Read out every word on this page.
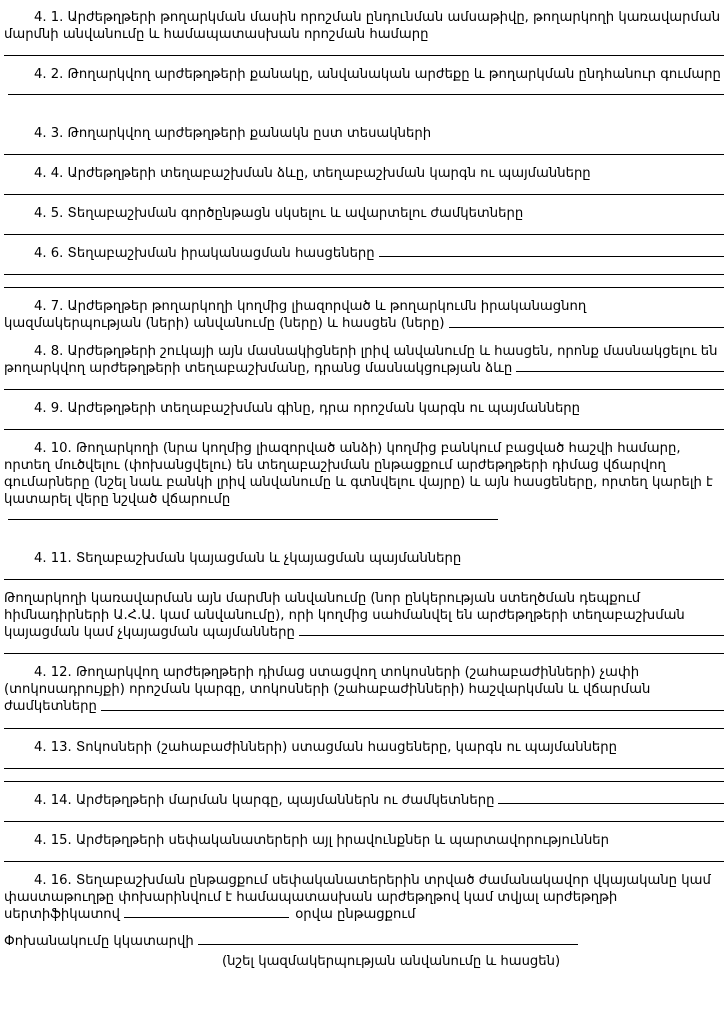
4. 1. Արժեթղթերի թողարկման մասին որոշման ընդունման ամսաթիվը, թողարկողի կառավարման մարմնի անվանումը և համապատասխան որոշման համարը

4. 2. Թողարկվող արժեթղթերի քանակը, անվանական արժեքը և թողարկման ընդհանուր գումարը

4. 3. Թողարկվող արժեթղթերի քանակն ըստ տեսակների

4. 4. Արժեթղթերի տեղաբաշխման ձևը, տեղաբաշխման կարգն ու պայմանները

4. 5. Տեղաբաշխման գործընթացն սկսելու և ավարտելու ժամկետները

4. 6. Տեղաբաշխման իրականացման հասցեները

4. 7. Արժեթղթեր թողարկողի կողմից լիազորված և թողարկումն իրականացնող կազմակերպության (ների) անվանումը (ները) և հասցեն (ները)

4. 8. Արժեթղթերի շուկայի այն մասնակիցների լրիվ անվանումը և հասցեն, որոնք մասնակցելու են թողարկվող արժեթղթերի տեղաբաշխմանը, դրանց մասնակցության ձևը

4. 9. Արժեթղթերի տեղաբաշխման գինը, դրա որոշման կարգն ու պայմանները

4. 10. Թողարկողի (նրա կողմից լիազորված անձի) կողմից բանկում բացված հաշվի համարը, որտեղ մուծվելու (փոխանցվելու) են տեղաբաշխման ընթացքում արժեթղթերի դիմաց վճարվող գումարները (նշել նաև բանկի լրիվ անվանումը և գտնվելու վայրը) և այն հասցեները, որտեղ կարելի է կատարել վերը նշված վճարումը

4. 11. Տեղաբաշխման կայացման և չկայացման պայմանները

Թողարկողի կառավարման այն մարմնի անվանումը (նոր ընկերության ստեղծման դեպքում հիմնադիրների Ա.Հ.Ա. կամ անվանումը), որի կողմից սահմանվել են արժեթղթերի տեղաբաշխման կայացման կամ չկայացման պայմանները

4. 12. Թողարկվող արժեթղթերի դիմաց ստացվող տոկոսների (շահաբաժինների) չափի (տոկոսադրույքի) որոշման կարգը, տոկոսների (շահաբաժինների) հաշվարկման և վճարման ժամկետները

4. 13. Տոկոսների (շահաբաժինների) ստացման հասցեները, կարգն ու պայմանները

4. 14. Արժեթղթերի մարման կարգը, պայմաններն ու ժամկետները

4. 15. Արժեթղթերի սեփականատերերի այլ իրավունքներ և պարտավորություններ

4. 16. Տեղաբաշխման ընթացքում սեփականատերերին տրված ժամանակավոր վկայականը կամ փաստաթուղթը փոխարինվում է համապատասխան արժեթղթով կամ տվյալ արժեթղթի սերտիֆիկատով	օրվա ընթացքում

Փոխանակումը կկատարվի

(նշել կազմակերպության անվանումը և հասցեն)
